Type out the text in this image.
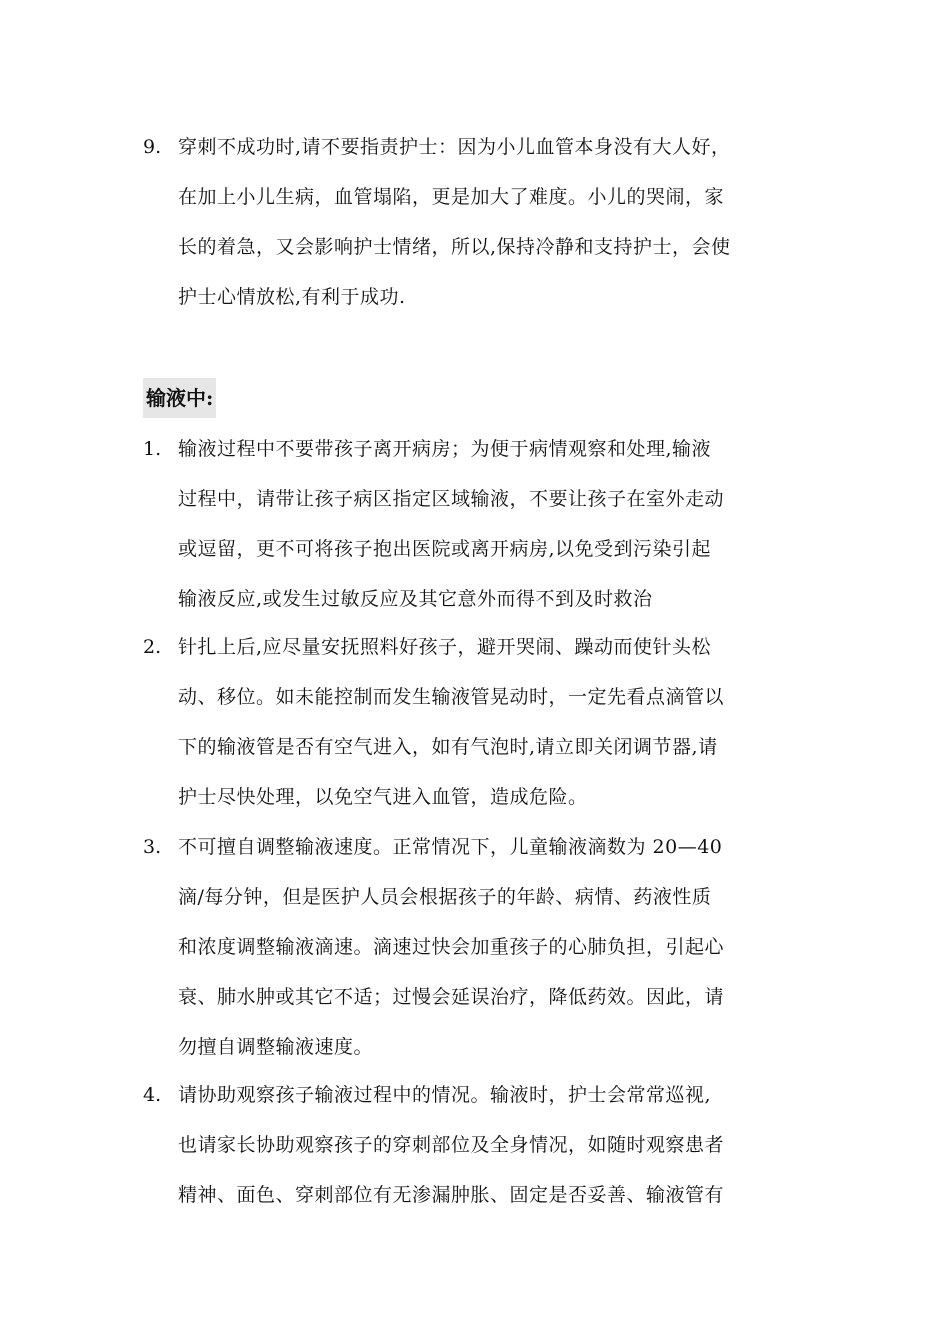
9. 穿刺不成功时,请不要指责护士：因为小儿血管本身没有大人好，
在加上小儿生病，血管塌陷，更是加大了难度。小儿的哭闹，家
长的着急，又会影响护士情绪，所以,保持冷静和支持护士，会使
护士心情放松,有利于成功.
输液中:
1. 输液过程中不要带孩子离开病房；为便于病情观察和处理,输液
过程中，请带让孩子病区指定区域输液，不要让孩子在室外走动
或逗留，更不可将孩子抱出医院或离开病房,以免受到污染引起
输液反应,或发生过敏反应及其它意外而得不到及时救治
2. 针扎上后,应尽量安抚照料好孩子，避开哭闹、躁动而使针头松
动、移位。如未能控制而发生输液管晃动时，一定先看点滴管以
下的输液管是否有空气进入，如有气泡时,请立即关闭调节器,请
护士尽快处理，以免空气进入血管，造成危险。
3. 不可擅自调整输液速度。正常情况下，儿童输液滴数为 20—40
滴/每分钟，但是医护人员会根据孩子的年龄、病情、药液性质
和浓度调整输液滴速。滴速过快会加重孩子的心肺负担，引起心
衰、肺水肿或其它不适；过慢会延误治疗，降低药效。因此，请
勿擅自调整输液速度。
4. 请协助观察孩子输液过程中的情况。输液时，护士会常常巡视,
也请家长协助观察孩子的穿刺部位及全身情况，如随时观察患者
精神、面色、穿刺部位有无渗漏肿胀、固定是否妥善、输液管有
